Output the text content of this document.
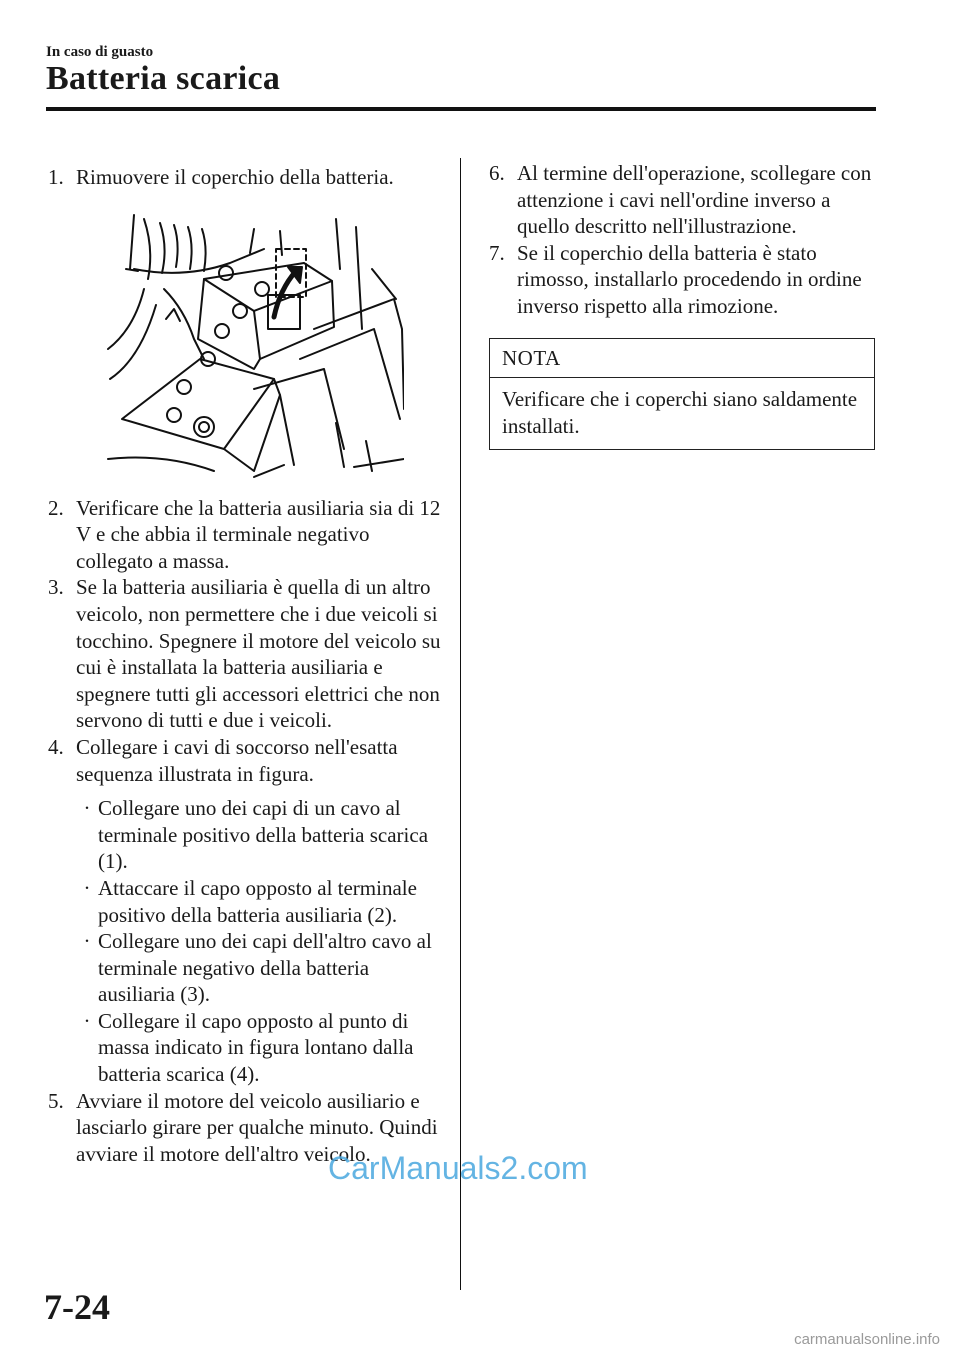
In caso di guasto
Batteria scarica
1. Rimuovere il coperchio della batteria.
2. Verificare che la batteria ausiliaria sia di 12 V e che abbia il terminale negativo collegato a massa.
3. Se la batteria ausiliaria è quella di un altro veicolo, non permettere che i due veicoli si tocchino. Spegnere il motore del veicolo su cui è installata la batteria ausiliaria e spegnere tutti gli accessori elettrici che non servono di tutti e due i veicoli.
4. Collegare i cavi di soccorso nell'esatta sequenza illustrata in figura.
· Collegare uno dei capi di un cavo al terminale positivo della batteria scarica (1).
· Attaccare il capo opposto al terminale positivo della batteria ausiliaria (2).
· Collegare uno dei capi dell'altro cavo al terminale negativo della batteria ausiliaria (3).
· Collegare il capo opposto al punto di massa indicato in figura lontano dalla batteria scarica (4).
5. Avviare il motore del veicolo ausiliario e lasciarlo girare per qualche minuto. Quindi avviare il motore dell'altro veicolo.
6. Al termine dell'operazione, scollegare con attenzione i cavi nell'ordine inverso a quello descritto nell'illustrazione.
7. Se il coperchio della batteria è stato rimosso, installarlo procedendo in ordine inverso rispetto alla rimozione.
NOTA
Verificare che i coperchi siano saldamente installati.
7-24
CarManuals2.com
carmanualsonline.info
